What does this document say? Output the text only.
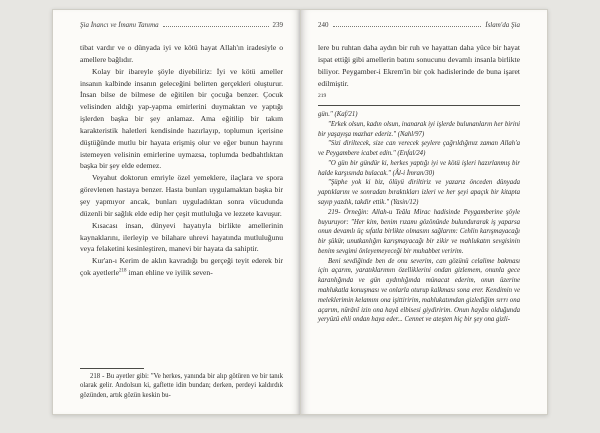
Şia İnancı ve İmamı Tanıma	239

tibat vardır ve o dünyada iyi ve kötü hayat Allah'ın iradesiyle o amellere bağlıdır.

Kolay bir ibareyle şöyle diyebiliriz: İyi ve kötü ameller insanın kalbinde insanın geleceğini belirten gerçekleri oluşturur. İnsan bilse de bilmese de eğitilen bir çocuğa benzer. Çocuk velisinden aldığı yap-yapma emirlerini duymaktan ve yaptığı işlerden başka bir şey anlamaz. Ama eğitilip bir takım karakteristik haletleri kendisinde hazırlayıp, toplumun içerisine düştüğünde mutlu bir hayata erişmiş olur ve eğer bunun hayrını istemeyen velisinin emirlerine uymazsa, toplumda bedbahtlıktan başka bir şey elde edemez.

Veyahut doktorun emriyle özel yemeklere, ilaçlara ve spora görevlenen hastaya benzer. Hasta bunları uygulamaktan başka bir şey yapmıyor ancak, bunları uyguladıktan sonra vücudunda düzenli bir sağlık elde edip her çeşit mutluluğa ve lezzete kavuşur.

Kısacası insan, dünyevi hayatıyla birlikte amellerinin kaynaklarını, ilerleyip ve bilahare uhrevi hayatında mutluluğunu veya felaketini kesinleştiren, manevi bir hayata da sahiptir.

Kur'an-ı Kerim de aklın kavradığı bu gerçeği teyit ederek bir çok ayetlerle$^{218}$ iman ehline ve iyilik seven-

218 - Bu ayetler gibi: "Ve herkes, yanında bir alıp götüren ve bir tanık olarak gelir. Andolsun ki, gaflette idin bundan; derken, perdeyi kaldırdık gözünden, artık gözün keskin bu-

240	İslam'da Şia

lere bu ruhtan daha aydın bir ruh ve hayattan daha yüce bir hayat ispat ettiği gibi amellerin batını sonucunu devamlı insanla birlikte biliyor. Peygamber-i Ekrem'in bir çok hadislerinde de buna işaret edilmiştir.

219

gün." (Kaf/21)

"Erkek olsun, kadın olsun, inanarak iyi işlerde bulunanların her birini bir yaşayışa mazhar ederiz." (Nahl/97)

"Sizi diriltecek, size can verecek şeylere çağrıldığınız zaman Allah'a ve Peygambere icabet edin." (Enfal/24)

"O gün bir gündür ki, herkes yaptığı iyi ve kötü işleri hazırlanmış bir halde karşısında bulacak." (Âl-i İmran/30)

"Şüphe yok ki biz, ölüyü diriltiriz ve yazarız önceden dünyada yaptıklarını ve sonradan bıraktıkları izleri ve her şeyi apaçık bir kitapta sayıp yazdık, takdir ettik." (Yasin/12)

219- Örneğin: Allah-u Teâla Mirac hadisinde Peygamberine şöyle buyuruyor: "Her kim, benim rızamı gözönünde bulundurarak iş yaparsa onun devamlı üç sıfatla birlikte olmasını sağlarım: Cehlin karışmayacağı bir şükür, unutkanlığın karışmayacağı bir zikir ve mahlukatın sevgisinin benim sevgimi önleyemeyeceği bir muhabbet veririm.

Beni sevdiğinde ben de onu severim, can gözünü celalime bakması için açarım, yaratıklarımın özelliklerini ondan gizlemem, onunla gece karanlığında ve gün aydınlığında münacat ederim, onun üzerine mahlukatla konuşması ve onlarla oturup kalkması sona erer. Kendimin ve meleklerimin kelamını ona işittiririm, mahlukatımdan gizlediğim sırrı ona açarım, nûrânî izin ona hayâ elbisesi giydiririm. Onun hayâsı olduğunda yeryüzü ehli ondan haya eder... Cennet ve ateşten hiç bir şey ona gizli-
